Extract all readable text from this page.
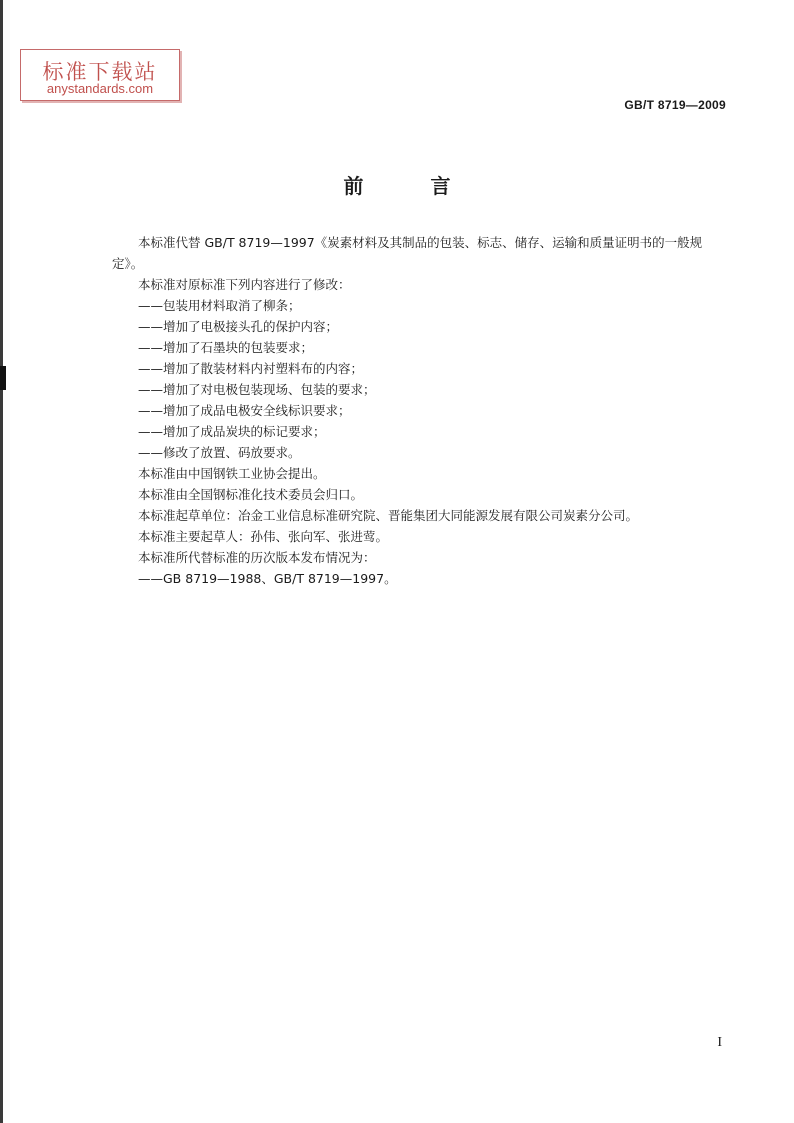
标准下载站
anystandards.com
GB/T 8719—2009
前 言

本标准代替 GB/T 8719—1997《炭素材料及其制品的包装、标志、储存、运输和质量证明书的一般规定》。

本标准对原标准下列内容进行了修改：

——包装用材料取消了柳条；

——增加了电极接头孔的保护内容；

——增加了石墨块的包装要求；

——增加了散装材料内衬塑料布的内容；

——增加了对电极包装现场、包装的要求；

——增加了成品电极安全线标识要求；

——增加了成品炭块的标记要求；

——修改了放置、码放要求。

本标准由中国钢铁工业协会提出。

本标准由全国钢标准化技术委员会归口。

本标准起草单位：冶金工业信息标准研究院、晋能集团大同能源发展有限公司炭素分公司。

本标准主要起草人：孙伟、张向军、张进莺。

本标准所代替标准的历次版本发布情况为：

——GB 8719—1988、GB/T 8719—1997。

I
